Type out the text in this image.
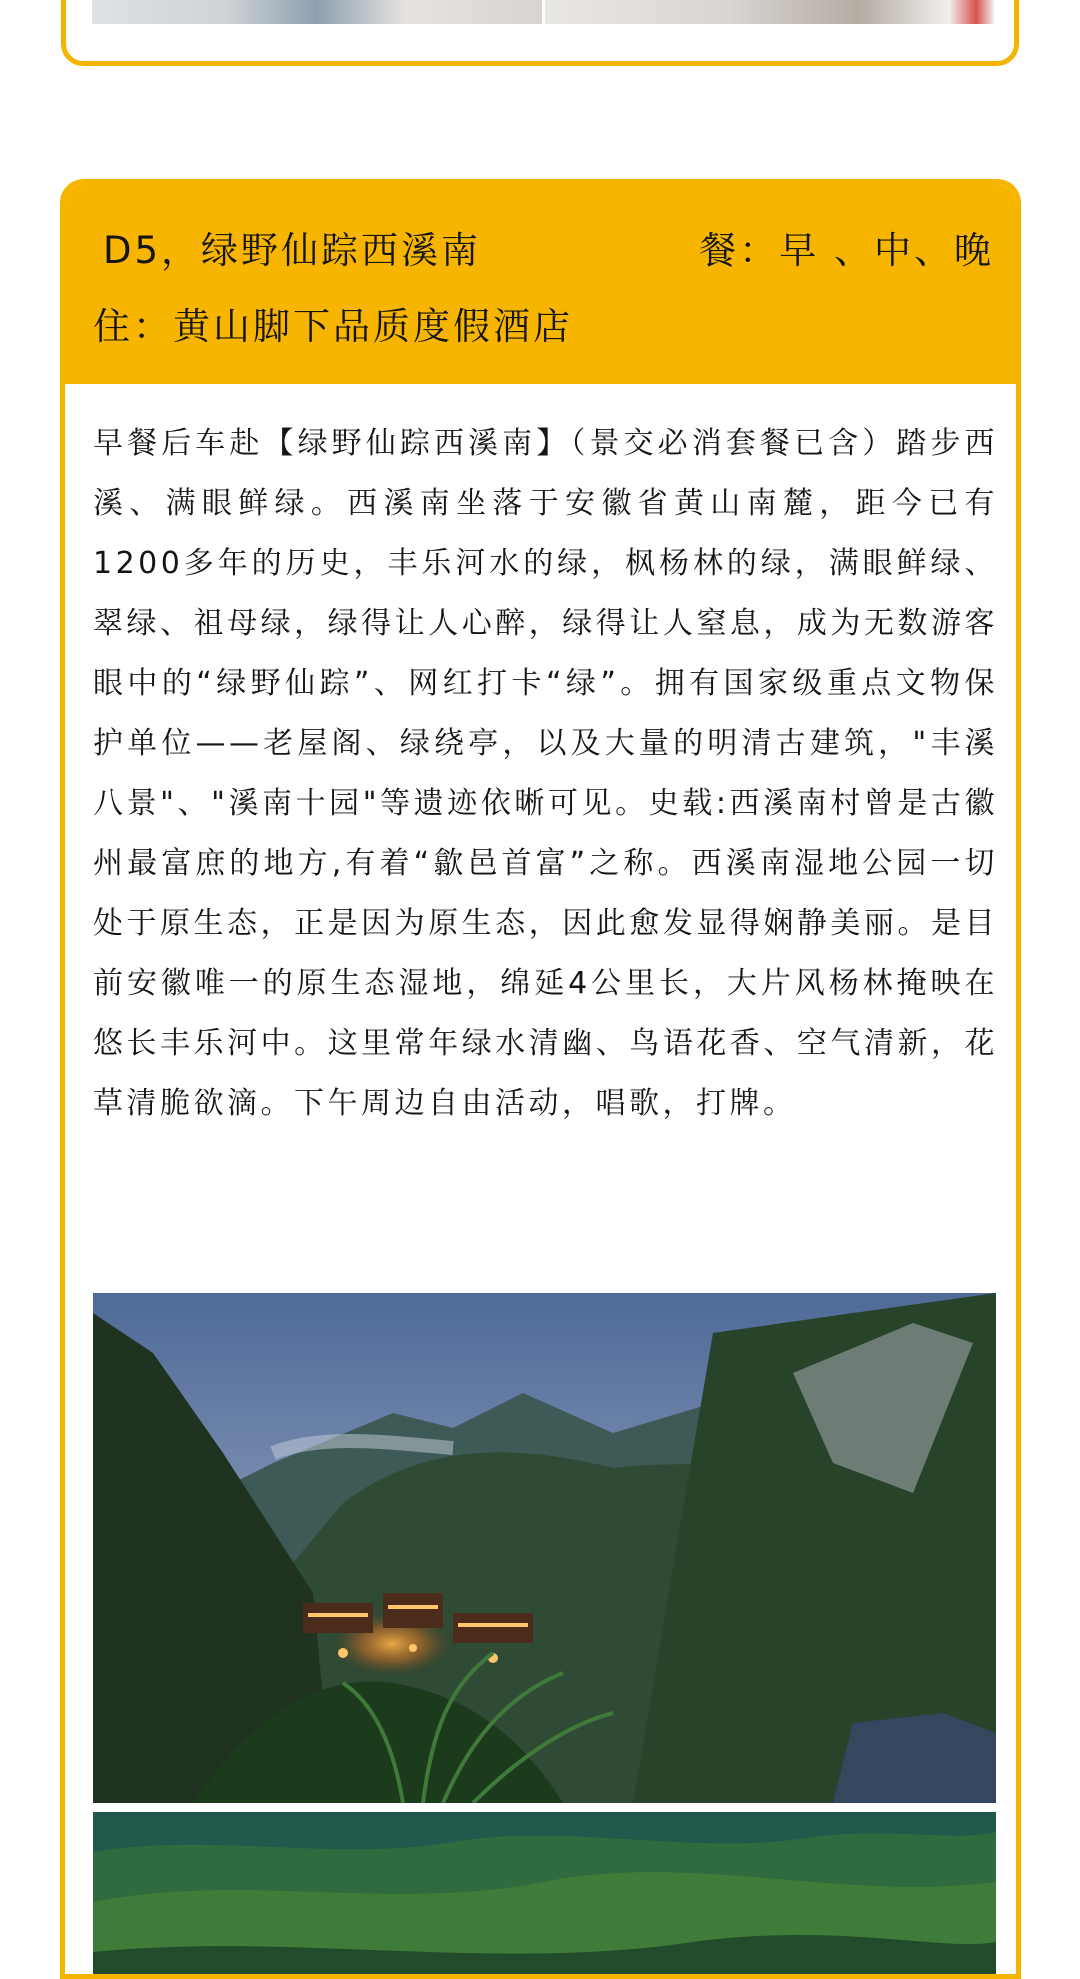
D5，绿野仙踪西溪南	餐：早 、中、晚
住：黄山脚下品质度假酒店
早餐后车赴【绿野仙踪西溪南】（景交必消套餐已含）踏步西溪、满眼鲜绿。西溪南坐落于安徽省黄山南麓，距今已有1200多年的历史，丰乐河水的绿，枫杨林的绿，满眼鲜绿、翠绿、祖母绿，绿得让人心醉，绿得让人窒息，成为无数游客眼中的“绿野仙踪”、网红打卡“绿”。拥有国家级重点文物保护单位——老屋阁、绿绕亭，以及大量的明清古建筑，"丰溪八景"、"溪南十园"等遗迹依晰可见。史载:西溪南村曾是古徽州最富庶的地方,有着“歙邑首富”之称。西溪南湿地公园一切处于原生态，正是因为原生态，因此愈发显得娴静美丽。是目前安徽唯一的原生态湿地，绵延4公里长，大片风杨林掩映在悠长丰乐河中。这里常年绿水清幽、鸟语花香、空气清新，花草清脆欲滴。下午周边自由活动，唱歌，打牌。
